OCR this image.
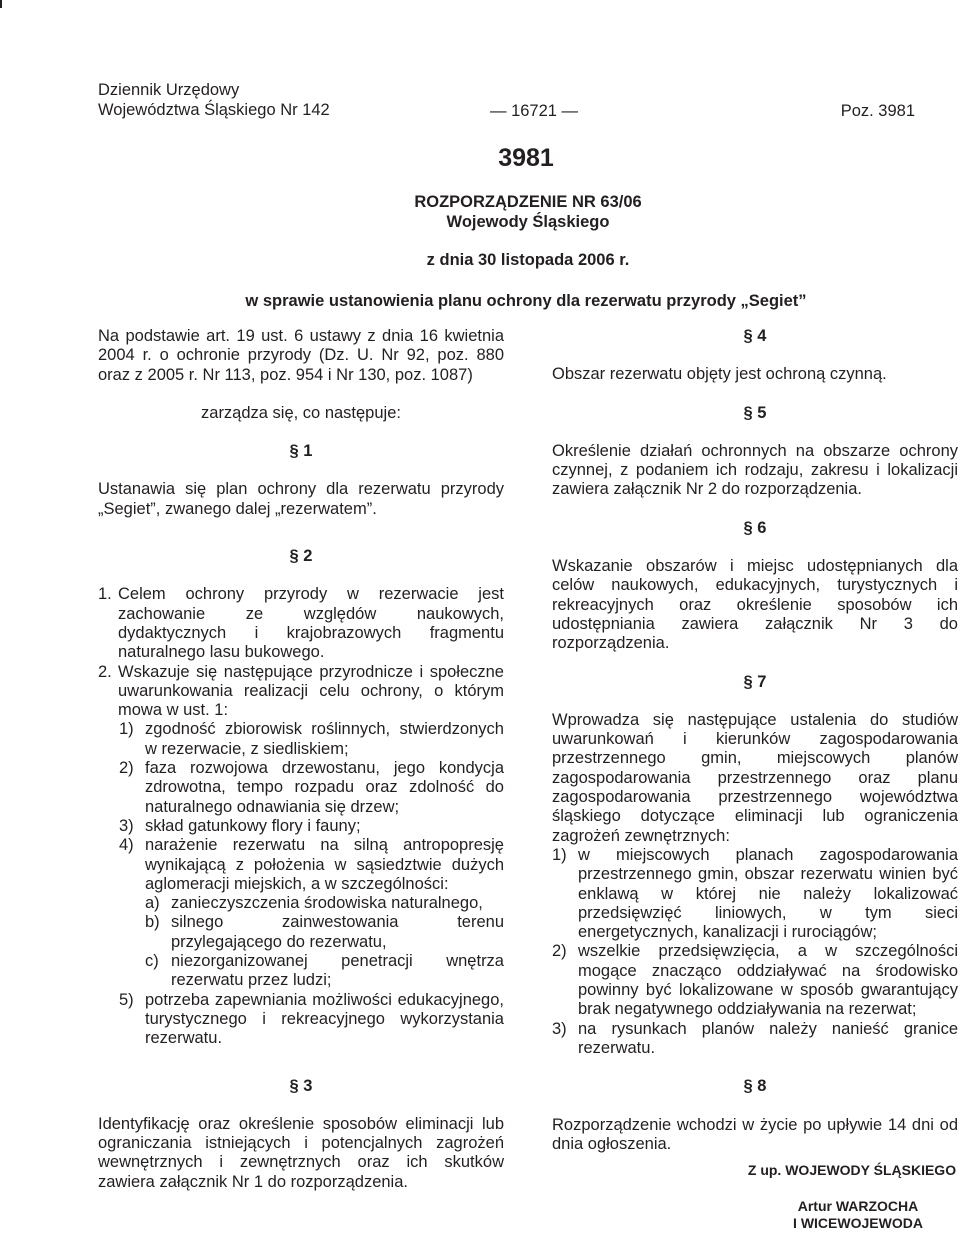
Dziennik Urzędowy
Województwa Śląskiego Nr 142	— 16721 —	Poz. 3981
3981
ROZPORZĄDZENIE NR 63/06
Wojewody Śląskiego
z dnia 30 listopada 2006 r.
w sprawie ustanowienia planu ochrony dla rezerwatu przyrody „Segiet”

Na podstawie art. 19 ust. 6 ustawy z dnia 16 kwietnia 2004 r. o ochronie przyrody (Dz. U. Nr 92, poz. 880 oraz z 2005 r. Nr 113, poz. 954 i Nr 130, poz. 1087)

zarządza się, co następuje:

§ 1

Ustanawia się plan ochrony dla rezerwatu przyrody „Segiet”, zwanego dalej „rezerwatem”.

§ 2

1. Celem ochrony przyrody w rezerwacie jest zachowanie ze względów naukowych, dydaktycznych i krajobrazowych fragmentu naturalnego lasu bukowego.
2. Wskazuje się następujące przyrodnicze i społeczne uwarunkowania realizacji celu ochrony, o którym mowa w ust. 1:
1) zgodność zbiorowisk roślinnych, stwierdzonych w rezerwacie, z siedliskiem;
2) faza rozwojowa drzewostanu, jego kondycja zdrowotna, tempo rozpadu oraz zdolność do naturalnego odnawiania się drzew;
3) skład gatunkowy flory i fauny;
4) narażenie rezerwatu na silną antropopresję wynikającą z położenia w sąsiedztwie dużych aglomeracji miejskich, a w szczególności:
a) zanieczyszczenia środowiska naturalnego,
b) silnego zainwestowania terenu przylegającego do rezerwatu,
c) niezorganizowanej penetracji wnętrza rezerwatu przez ludzi;
5) potrzeba zapewniania możliwości edukacyjnego, turystycznego i rekreacyjnego wykorzystania rezerwatu.

§ 3

Identyfikację oraz określenie sposobów eliminacji lub ograniczania istniejących i potencjalnych zagrożeń wewnętrznych i zewnętrznych oraz ich skutków zawiera załącznik Nr 1 do rozporządzenia.

§ 4

Obszar rezerwatu objęty jest ochroną czynną.

§ 5

Określenie działań ochronnych na obszarze ochrony czynnej, z podaniem ich rodzaju, zakresu i lokalizacji zawiera załącznik Nr 2 do rozporządzenia.

§ 6

Wskazanie obszarów i miejsc udostępnianych dla celów naukowych, edukacyjnych, turystycznych i rekreacyjnych oraz określenie sposobów ich udostępniania zawiera załącznik Nr 3 do rozporządzenia.

§ 7

Wprowadza się następujące ustalenia do studiów uwarunkowań i kierunków zagospodarowania przestrzennego gmin, miejscowych planów zagospodarowania przestrzennego oraz planu zagospodarowania przestrzennego województwa śląskiego dotyczące eliminacji lub ograniczenia zagrożeń zewnętrznych:

1) w miejscowych planach zagospodarowania przestrzennego gmin, obszar rezerwatu winien być enklawą w której nie należy lokalizować przedsięwzięć liniowych, w tym sieci energetycznych, kanalizacji i rurociągów;
2) wszelkie przedsięwzięcia, a w szczególności mogące znacząco oddziaływać na środowisko powinny być lokalizowane w sposób gwarantujący brak negatywnego oddziaływania na rezerwat;
3) na rysunkach planów należy nanieść granice rezerwatu.

§ 8

Rozporządzenie wchodzi w życie po upływie 14 dni od dnia ogłoszenia.

Z up. WOJEWODY ŚLĄSKIEGO
Artur WARZOCHA
I WICEWOJEWODA
